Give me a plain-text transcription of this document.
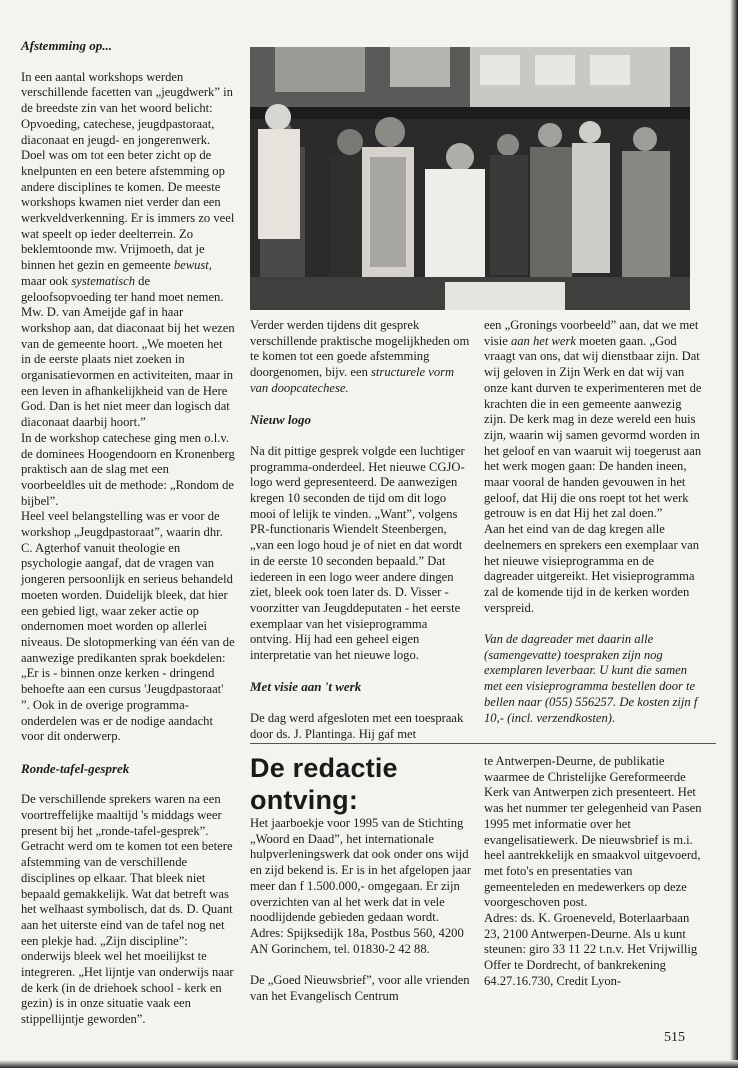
Afstemming op...

In een aantal workshops werden verschillende facetten van „jeugdwerk” in de breedste zin van het woord belicht: Opvoeding, catechese, jeugdpastoraat, diaconaat en jeugd- en jongerenwerk. Doel was om tot een beter zicht op de knelpunten en een betere afstemming op andere disciplines te komen. De meeste workshops kwamen niet verder dan een werkveldverkenning. Er is immers zo veel wat speelt op ieder deelterrein. Zo beklemtoonde mw. Vrijmoeth, dat je binnen het gezin en gemeente bewust, maar ook systematisch de geloofsopvoeding ter hand moet nemen.

Mw. D. van Ameijde gaf in haar workshop aan, dat diaconaat bij het wezen van de gemeente hoort. „We moeten het in de eerste plaats niet zoeken in organisatievormen en activiteiten, maar in een leven in afhankelijkheid van de Here God. Dan is het niet meer dan logisch dat diaconaat daarbij hoort.”

In de workshop catechese ging men o.l.v. de dominees Hoogendoorn en Kronenberg praktisch aan de slag met een voorbeeldles uit de methode: „Rondom de bijbel”.

Heel veel belangstelling was er voor de workshop „Jeugdpastoraat”, waarin dhr. C. Agterhof vanuit theologie en psychologie aangaf, dat de vragen van jongeren persoonlijk en serieus behandeld moeten worden. Duidelijk bleek, dat hier een gebied ligt, waar zeker actie op ondernomen moet worden op allerlei niveaus. De slotopmerking van één van de aanwezige predikanten sprak boekdelen: „Er is - binnen onze kerken - dringend behoefte aan een cursus 'Jeugdpastoraat' ”. Ook in de overige programma-onderdelen was er de nodige aandacht voor dit onderwerp.

Ronde-tafel-gesprek

De verschillende sprekers waren na een voortreffelijke maaltijd 's middags weer present bij het „ronde-tafel-gesprek”. Getracht werd om te komen tot een betere afstemming van de verschillende disciplines op elkaar. That bleek niet bepaald gemakkelijk. Wat dat betreft was het welhaast symbolisch, dat ds. D. Quant aan het uiterste eind van de tafel nog net een plekje had. „Zijn discipline”: onderwijs bleek wel het moeilijkst te integreren. „Het lijntje van onderwijs naar de kerk (in de driehoek school - kerk en gezin) is in onze situatie vaak een stippellijntje geworden”.

Verder werden tijdens dit gesprek verschillende praktische mogelijkheden om te komen tot een goede afstemming doorgenomen, bijv. een structurele vorm van doopcatechese.

Nieuw logo

Na dit pittige gesprek volgde een luchtiger programma-onderdeel. Het nieuwe CGJO-logo werd gepresenteerd. De aanwezigen kregen 10 seconden de tijd om dit logo mooi of lelijk te vinden. „Want”, volgens PR-functionaris Wiendelt Steenbergen, „van een logo houd je of niet en dat wordt in de eerste 10 seconden bepaald.” Dat iedereen in een logo weer andere dingen ziet, bleek ook toen later ds. D. Visser - voorzitter van Jeugddeputaten - het eerste exemplaar van het visieprogramma ontving. Hij had een geheel eigen interpretatie van het nieuwe logo.

Met visie aan 't werk

De dag werd afgesloten met een toespraak door ds. J. Plantinga. Hij gaf met

een „Gronings voorbeeld” aan, dat we met visie aan het werk moeten gaan. „God vraagt van ons, dat wij dienstbaar zijn. Dat wij geloven in Zijn Werk en dat wij van onze kant durven te experimenteren met de krachten die in een gemeente aanwezig zijn. De kerk mag in deze wereld een huis zijn, waarin wij samen gevormd worden in het geloof en van waaruit wij toegerust aan het werk mogen gaan: De handen ineen, maar vooral de handen gevouwen in het geloof, dat Hij die ons roept tot het werk getrouw is en dat Hij het zal doen.”

Aan het eind van de dag kregen alle deelnemers en sprekers een exemplaar van het nieuwe visieprogramma en de dagreader uitgereikt. Het visieprogramma zal de komende tijd in de kerken worden verspreid.

Van de dagreader met daarin alle (samengevatte) toespraken zijn nog exemplaren leverbaar. U kunt die samen met een visieprogramma bestellen door te bellen naar (055) 556257. De kosten zijn f 10,- (incl. verzendkosten).

De redactie ontving:

Het jaarboekje voor 1995 van de Stichting „Woord en Daad”, het internationale hulpverleningswerk dat ook onder ons wijd en zijd bekend is. Er is in het afgelopen jaar meer dan f 1.500.000,- omgegaan. Er zijn overzichten van al het werk dat in vele noodlijdende gebieden gedaan wordt.

Adres: Spijksedijk 18a, Postbus 560, 4200 AN Gorinchem, tel. 01830-2 42 88.

De „Goed Nieuwsbrief”, voor alle vrienden van het Evangelisch Centrum

te Antwerpen-Deurne, de publikatie waarmee de Christelijke Gereformeerde Kerk van Antwerpen zich presenteert. Het was het nummer ter gelegenheid van Pasen 1995 met informatie over het evangelisatiewerk. De nieuwsbrief is m.i. heel aantrekkelijk en smaakvol uitgevoerd, met foto's en presentaties van gemeenteleden en medewerkers op deze voorgeschoven post.

Adres: ds. K. Groeneveld, Boterlaarbaan 23, 2100 Antwerpen-Deurne. Als u kunt steunen: giro 33 11 22 t.n.v. Het Vrijwillig Offer te Dordrecht, of bankrekening 64.27.16.730, Credit Lyon-

515
